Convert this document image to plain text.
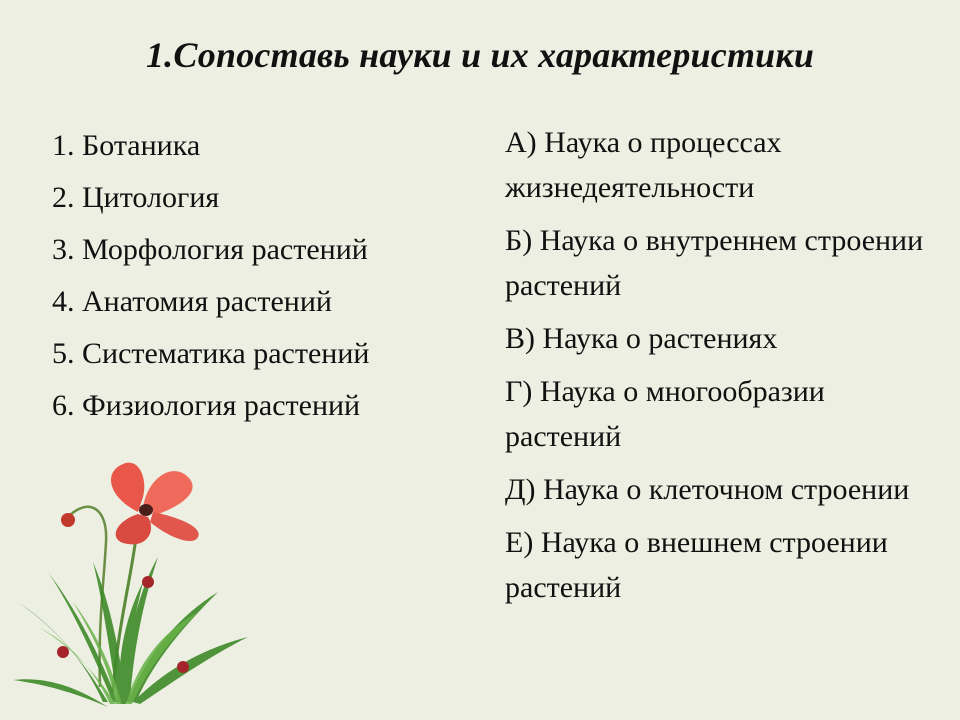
1.Сопоставь науки и их характеристики
1. Ботаника
2. Цитология
3. Морфология растений
4. Анатомия растений
5. Систематика растений
6. Физиология растений
А) Наука о процессах жизнедеятельности
Б) Наука о внутреннем строении растений
В) Наука о растениях
Г) Наука о многообразии растений
Д) Наука о клеточном строении
Е) Наука о внешнем строении растений
